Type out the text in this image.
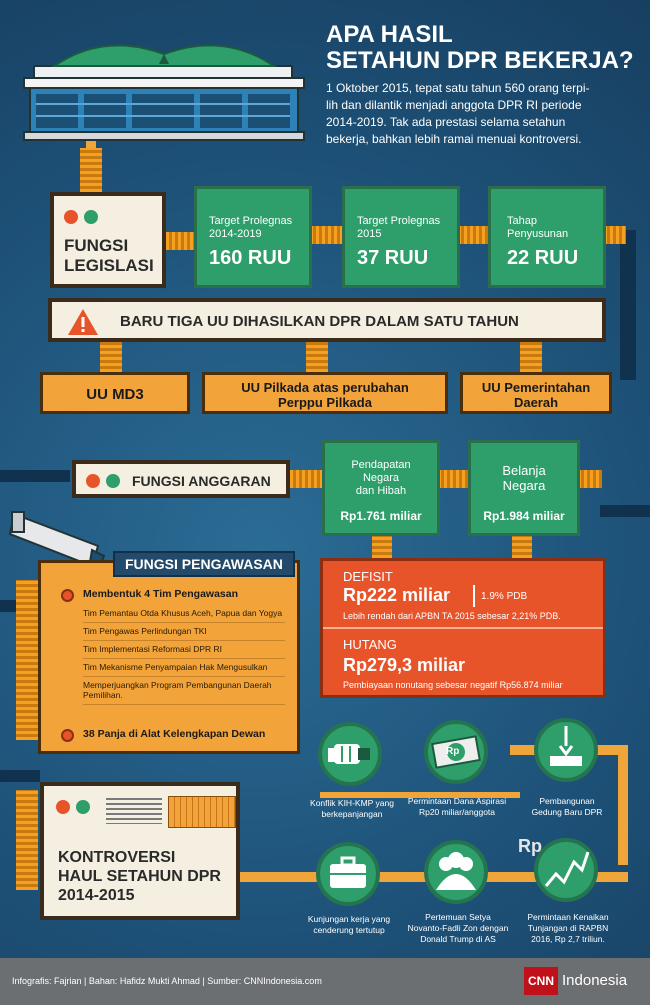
APA HASIL
SETAHUN DPR BEKERJA?
1 Oktober 2015, tepat satu tahun 560 orang terpi-
lih dan dilantik menjadi anggota DPR RI periode
2014-2019. Tak ada prestasi selama setahun
bekerja, bahkan lebih ramai menuai kontroversi.
FUNGSI
LEGISLASI
Target Prolegnas
2014-2019
160 RUU
Target Prolegnas
2015
37 RUU
Tahap
Penyusunan
22 RUU
BARU TIGA UU DIHASILKAN DPR DALAM SATU TAHUN
UU MD3	UU Pilkada atas perubahan
Perppu Pilkada
UU Pemerintahan
Daerah
FUNGSI ANGGARAN
Pendapatan
Negara
dan Hibah
Rp1.761 miliar
Belanja
Negara
Rp1.984 miliar
DEFISIT
Rp222 miliar	1.9% PDB
Lebih rendah dari APBN TA 2015 sebesar 2,21% PDB.
HUTANG
Rp279,3 miliar
Pembiayaan nonutang sebesar negatif Rp56.874 miliar
FUNGSI PENGAWASAN
Membentuk 4 Tim Pengawasan
Tim Pemantau Otda Khusus Aceh, Papua dan Yogya
Tim Pengawas Perlindungan TKI
Tim Implementasi Reformasi DPR RI
Tim Mekanisme Penyampaian Hak Mengusulkan
Memperjuangkan Program Pembangunan Daerah Pemilihan.
38 Panja di Alat Kelengkapan Dewan
KONTROVERSI
HAUL SETAHUN DPR
2014-2015
Konflik KIH-KMP yang
berkepanjangan
Rp
Permintaan Dana Aspirasi
Rp20 miliar/anggota
Pembangunan
Gedung Baru DPR
Kunjungan kerja yang
cenderung tertutup
Pertemuan Setya
Novanto-Fadli Zon dengan
Donald Trump di AS
Rp
Permintaan Kenaikan
Tunjangan di RAPBN
2016, Rp 2,7 triliun.
Infografis: Fajrian | Bahan: Hafidz Mukti Ahmad | Sumber: CNNIndonesia.com	CNN Indonesia
